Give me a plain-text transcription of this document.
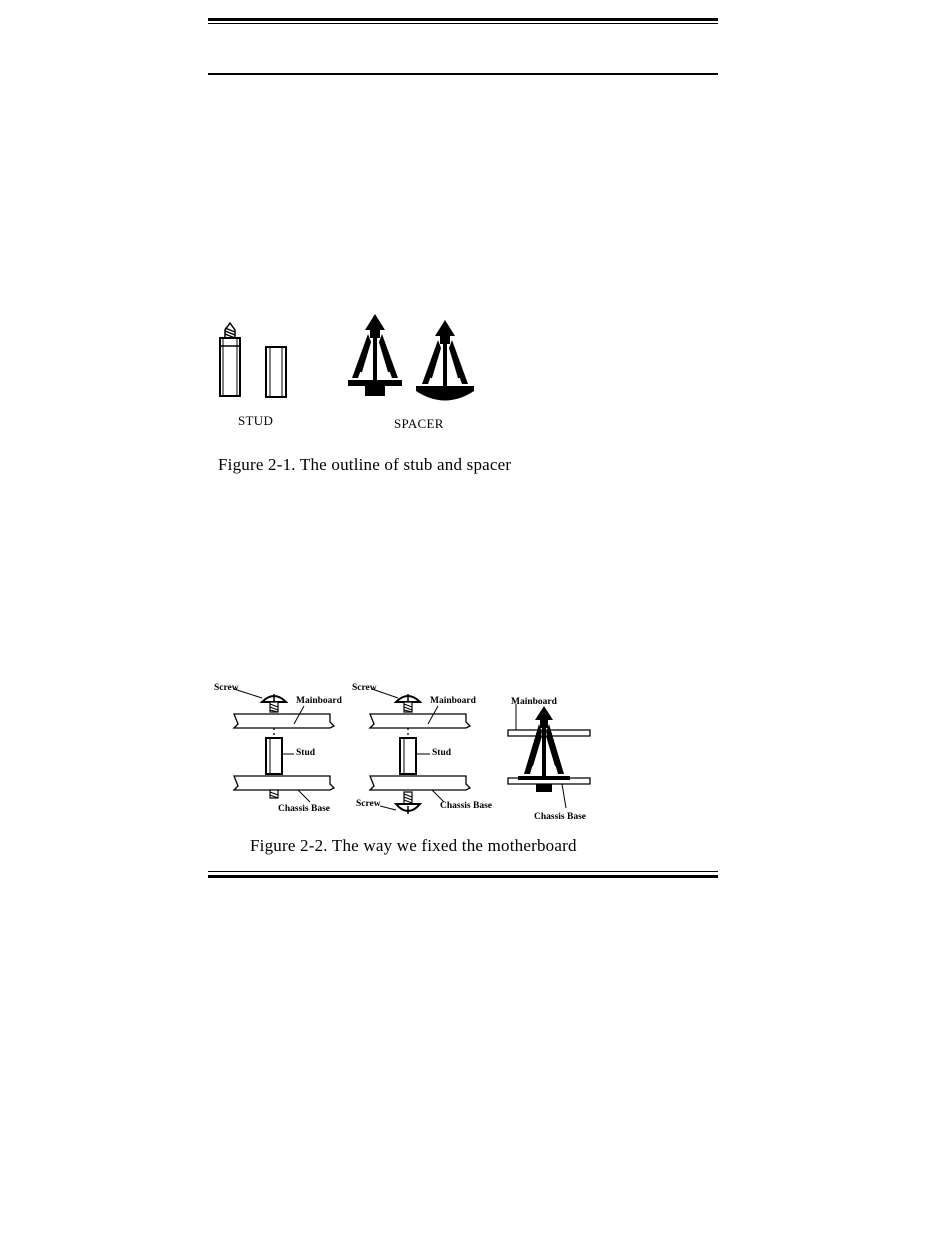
STUD	SPACER
Figure 2-1. The outline of stub and spacer
Screw
Mainboard
Stud
Chassis Base
Screw
Mainboard
Stud
Screw	Chassis Base
Mainboard
Chassis Base
Figure 2-2. The way we fixed the motherboard
